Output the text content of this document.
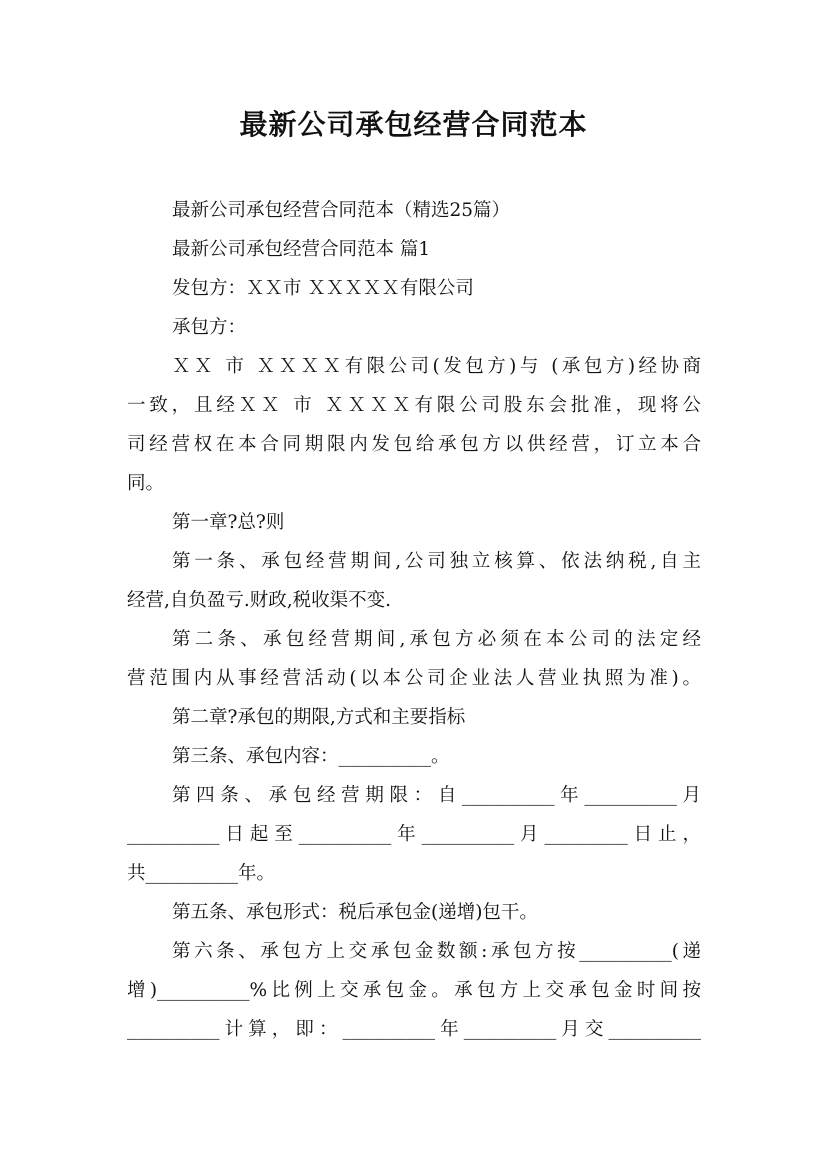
最新公司承包经营合同范本
最新公司承包经营合同范本（精选25篇）
最新公司承包经营合同范本 篇1
发包方：ＸＸ市 ＸＸＸＸＸ有限公司
承包方：
ＸＸ 市 ＸＸＸＸ有限公司(发包方)与 (承包方)经协商
一致，且经ＸＸ 市 ＸＸＸＸ有限公司股东会批准，现将公
司经营权在本合同期限内发包给承包方以供经营，订立本合
同。
第一章?总?则
第一条、承包经营期间,公司独立核算、依法纳税,自主
经营,自负盈亏.财政,税收渠不变.
第二条、承包经营期间,承包方必须在本公司的法定经
营范围内从事经营活动(以本公司企业法人营业执照为准)。
第二章?承包的期限,方式和主要指标
第三条、承包内容：__________。
第四条、承包经营期限：自__________年__________月
__________日起至__________年__________月_________日止，
共__________年。
第五条、承包形式：税后承包金(递增)包干。
第六条、承包方上交承包金数额:承包方按__________(递
增)__________%比例上交承包金。承包方上交承包金时间按
__________计算，即：__________年__________月交__________
